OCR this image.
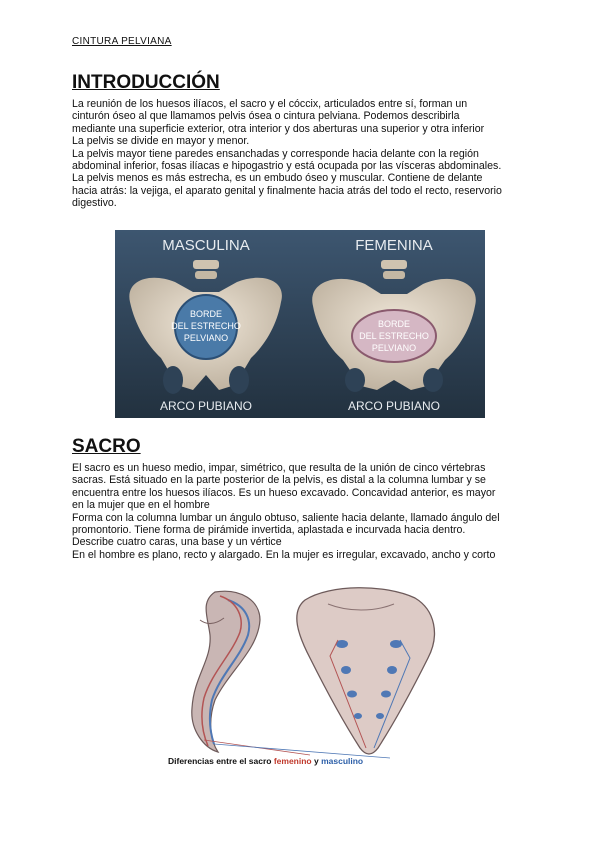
CINTURA PELVIANA
INTRODUCCIÓN
La reunión de los huesos ilíacos, el sacro y el cóccix, articulados entre sí, forman un
cinturón óseo al que llamamos pelvis ósea o cintura pelviana. Podemos describirla
mediante una superficie exterior, otra interior y dos aberturas una superior y otra inferior
La pelvis se divide en mayor y menor.
La pelvis mayor tiene paredes ensanchadas y corresponde hacia delante con la región
abdominal inferior, fosas ilíacas e hipogastrio y está ocupada por las vísceras abdominales.
La pelvis menos es más estrecha, es un embudo óseo y muscular. Contiene de delante
hacia atrás: la vejiga, el aparato genital y finalmente hacia atrás del todo el recto, reservorio
digestivo.
MASCULINA	FEMENINA
BORDE
DEL ESTRECHO
PELVIANO
BORDE
DEL ESTRECHO
PELVIANO
ARCO PUBIANO	ARCO PUBIANO
SACRO
El sacro es un hueso medio, impar, simétrico, que resulta de la unión de cinco vértebras
sacras. Está situado en la parte posterior de la pelvis, es distal a la columna lumbar y se
encuentra entre los huesos ilíacos. Es un hueso excavado. Concavidad anterior, es mayor
en la mujer que en el hombre
Forma con la columna lumbar un ángulo obtuso, saliente hacia delante, llamado ángulo del
promontorio. Tiene forma de pirámide invertida, aplastada e incurvada hacia dentro.
Describe cuatro caras, una base y un vértice
En el hombre es plano, recto y alargado. En la mujer es irregular, excavado, ancho y corto
Diferencias entre el sacro femenino y masculino
